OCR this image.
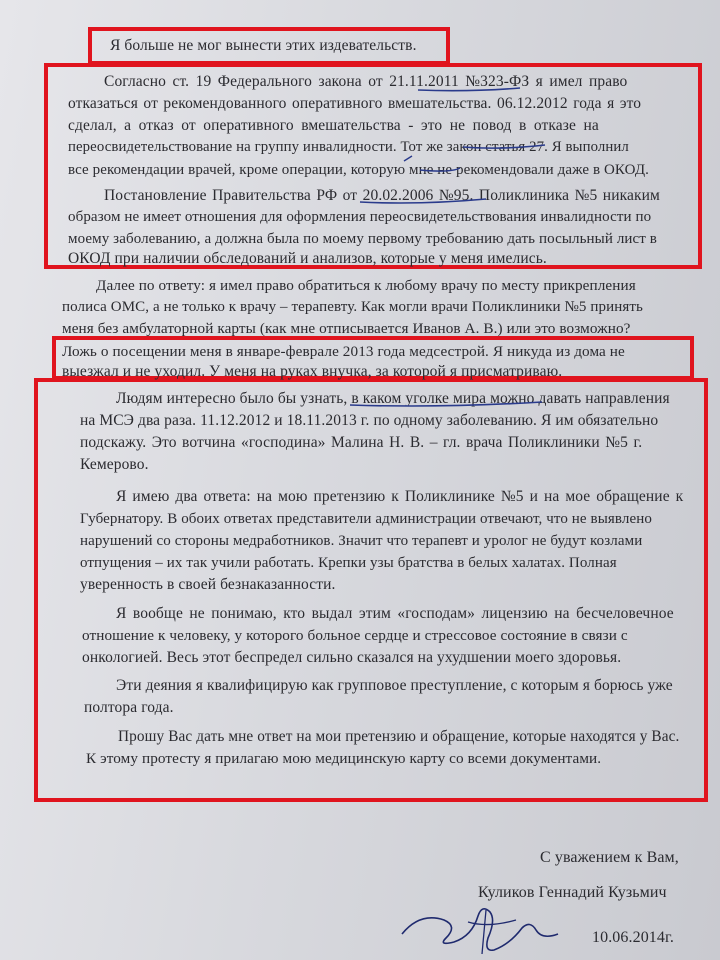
Я больше не мог вынести этих издевательств.
Согласно ст. 19 Федерального закона от 21.11.2011 №323-ФЗ я имел право
отказаться от рекомендованного оперативного вмешательства. 06.12.2012 года я это
сделал, а отказ от оперативного вмешательства - это не повод в отказе на
переосвидетельствование на группу инвалидности. Тот же закон статья 27. Я выполнил
все рекомендации врачей, кроме операции, которую мне не рекомендовали даже в ОКОД.
Постановление Правительства РФ от 20.02.2006 №95. Поликлиника №5 никаким
образом не имеет отношения для оформления переосвидетельствования инвалидности по
моему заболеванию, а должна была по моему первому требованию дать посыльный лист в
ОКОД при наличии обследований и анализов, которые у меня имелись.
Далее по ответу: я имел право обратиться к любому врачу по месту прикрепления
полиса ОМС, а не только к врачу – терапевту. Как могли врачи Поликлиники №5 принять
меня без амбулаторной карты (как мне отписывается Иванов А. В.) или это возможно?
Ложь о посещении меня в январе-феврале 2013 года медсестрой. Я никуда из дома не
выезжал и не уходил. У меня на руках внучка, за которой я присматриваю.
Людям интересно было бы узнать, в каком уголке мира можно давать направления
на МСЭ два раза. 11.12.2012 и 18.11.2013 г. по одному заболеванию. Я им обязательно
подскажу. Это вотчина «господина» Малина Н. В. – гл. врача Поликлиники №5 г.
Кемерово.
Я имею два ответа: на мою претензию к Поликлинике №5 и на мое обращение к
Губернатору. В обоих ответах представители администрации отвечают, что не выявлено
нарушений со стороны медработников. Значит что терапевт и уролог не будут козлами
отпущения – их так учили работать. Крепки узы братства в белых халатах. Полная
уверенность в своей безнаказанности.
Я вообще не понимаю, кто выдал этим «господам» лицензию на бесчеловечное
отношение к человеку, у которого больное сердце и стрессовое состояние в связи с
онкологией. Весь этот беспредел сильно сказался на ухудшении моего здоровья.
Эти деяния я квалифицирую как групповое преступление, с которым я борюсь уже
полтора года.
Прошу Вас дать мне ответ на мои претензию и обращение, которые находятся у Вас.
К этому протесту я прилагаю мою медицинскую карту со всеми документами.
С уважением к Вам,
Куликов Геннадий Кузьмич
10.06.2014г.
